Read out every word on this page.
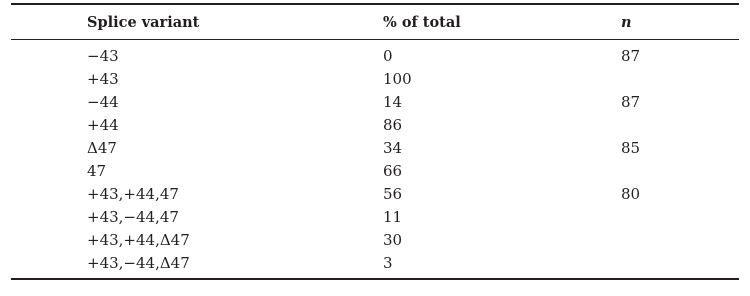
Splice variant	% of total	n
−43	0	87
+43	100	
−44	14	87
+44	86	
Δ47	34	85
47	66	
+43,+44,47	56	80
+43,−44,47	11	
+43,+44,Δ47	30	
+43,−44,Δ47	3	
